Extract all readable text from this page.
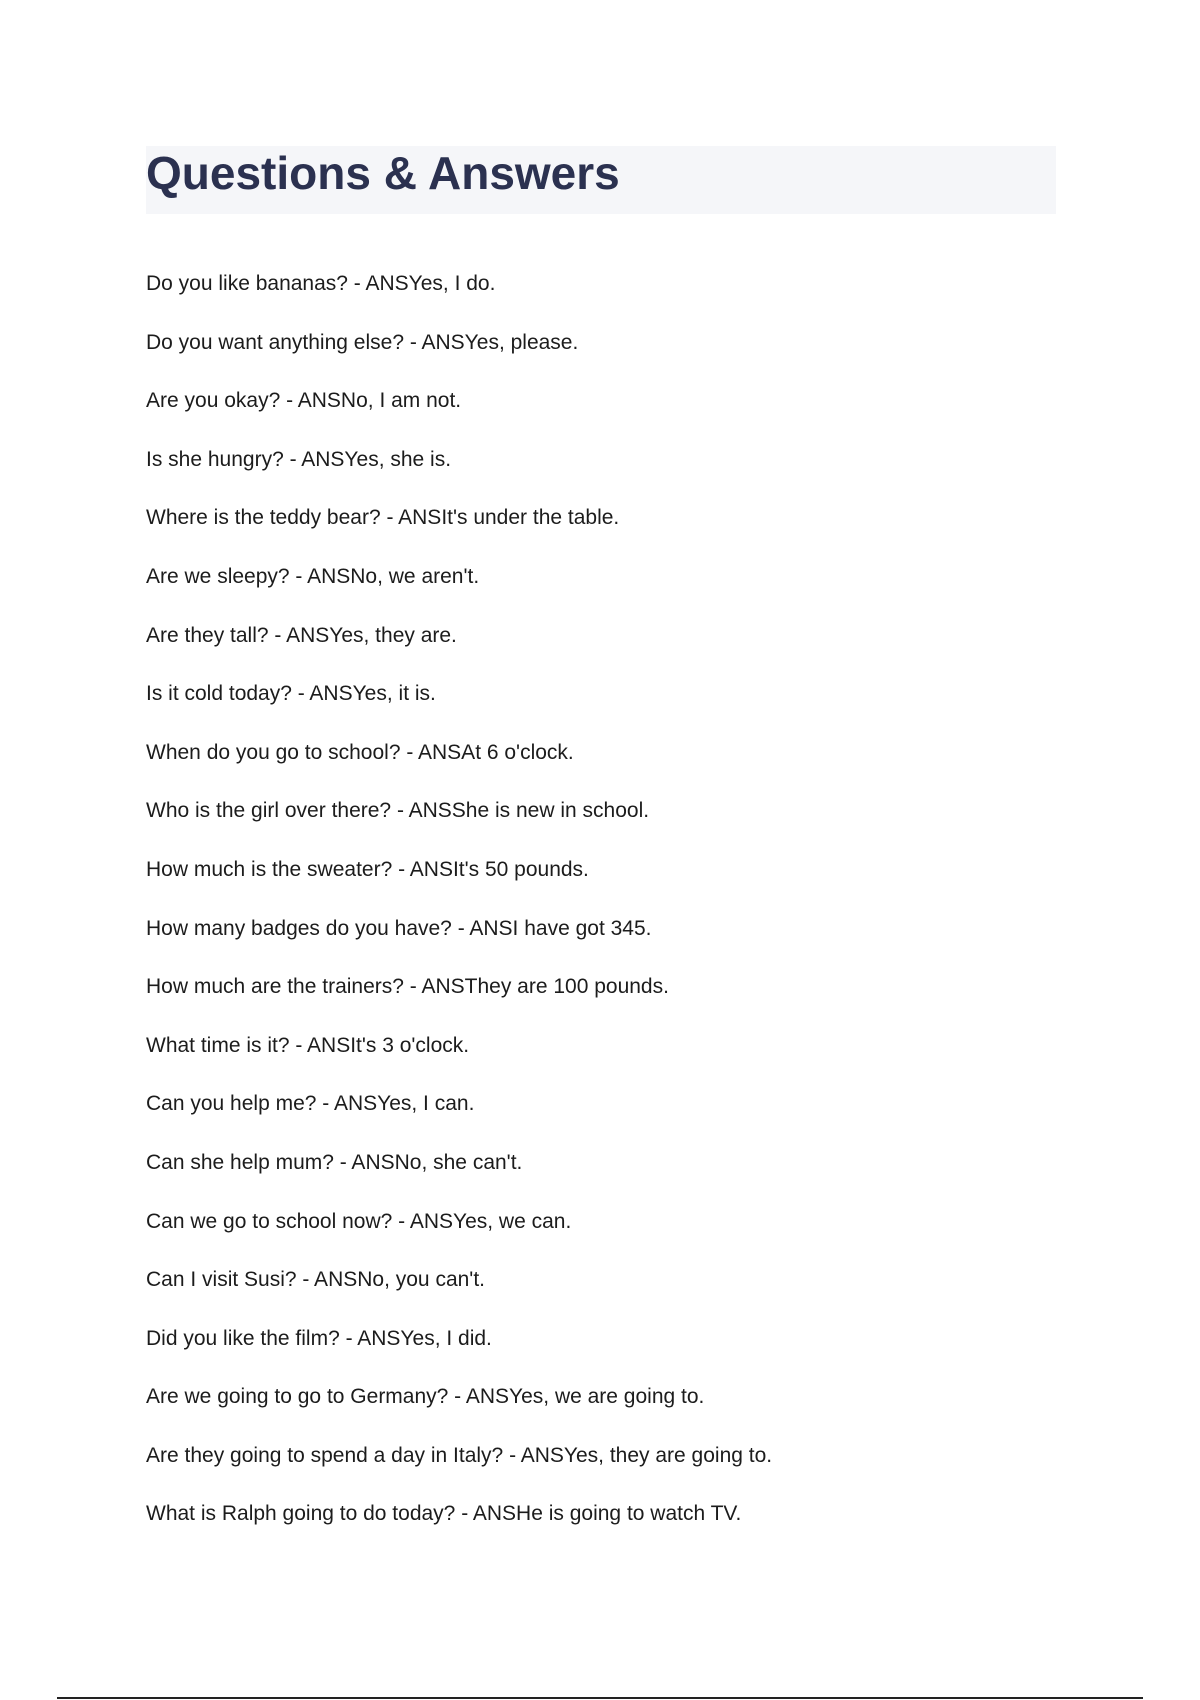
Questions & Answers
Do you like bananas? - ANSYes, I do.
Do you want anything else? - ANSYes, please.
Are you okay? - ANSNo, I am not.
Is she hungry? - ANSYes, she is.
Where is the teddy bear? - ANSIt's under the table.
Are we sleepy? - ANSNo, we aren't.
Are they tall? - ANSYes, they are.
Is it cold today? - ANSYes, it is.
When do you go to school? - ANSAt 6 o'clock.
Who is the girl over there? - ANSShe is new in school.
How much is the sweater? - ANSIt's 50 pounds.
How many badges do you have? - ANSI have got 345.
How much are the trainers? - ANSThey are 100 pounds.
What time is it? - ANSIt's 3 o'clock.
Can you help me? - ANSYes, I can.
Can she help mum? - ANSNo, she can't.
Can we go to school now? - ANSYes, we can.
Can I visit Susi? - ANSNo, you can't.
Did you like the film? - ANSYes, I did.
Are we going to go to Germany? - ANSYes, we are going to.
Are they going to spend a day in Italy? - ANSYes, they are going to.
What is Ralph going to do today? - ANSHe is going to watch TV.
